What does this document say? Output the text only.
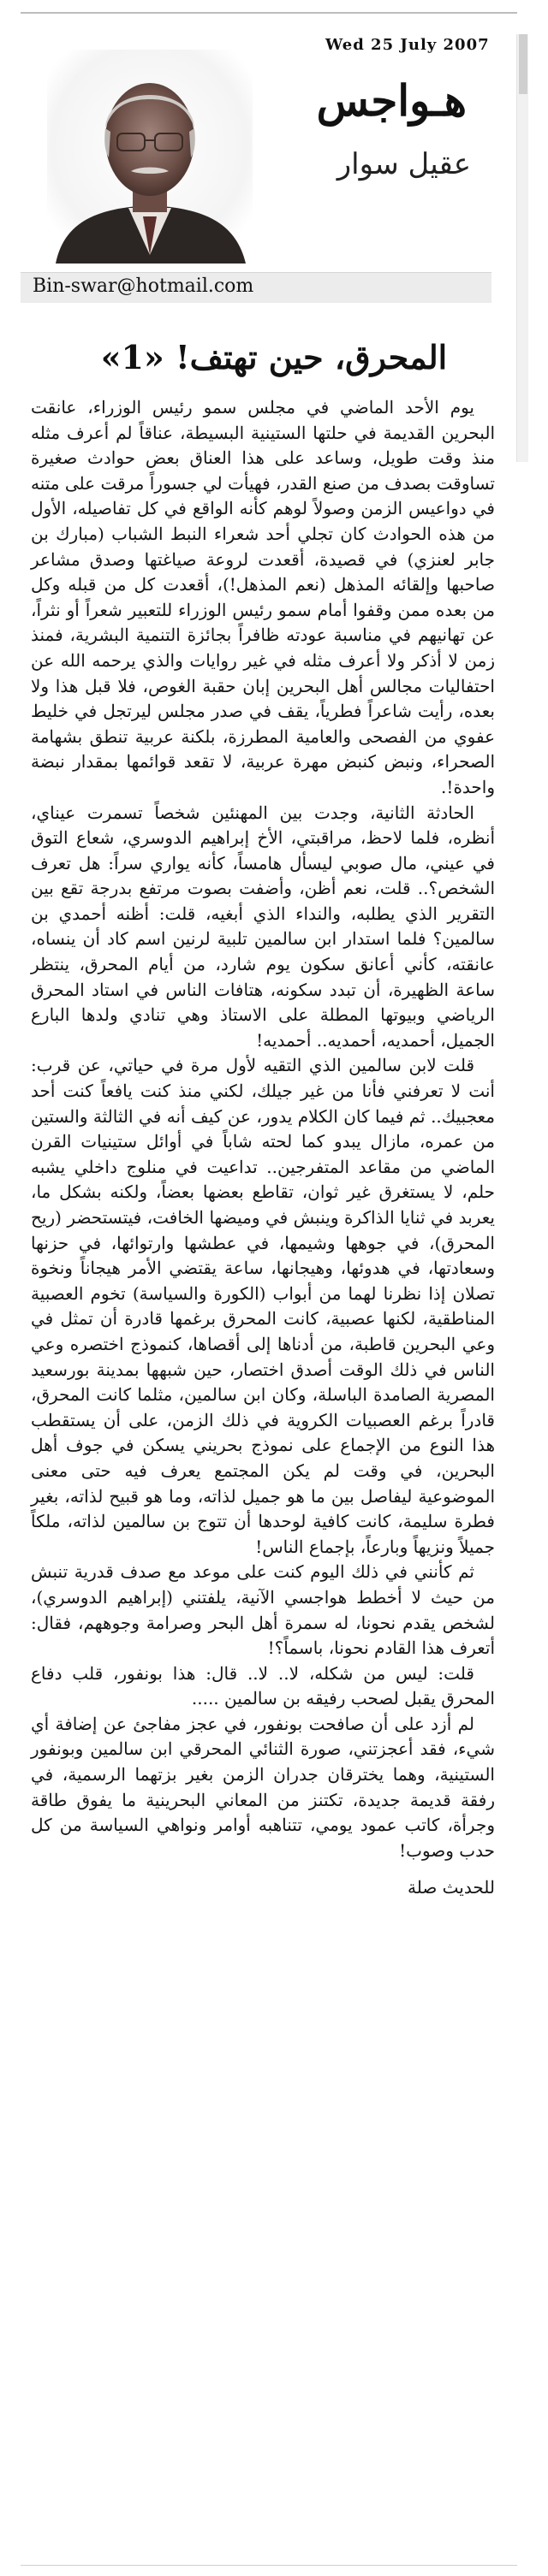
Wed 25 July 2007
هـواجس
عقيل سوار
Bin-swar@hotmail.com
المحرق، حين تهتف! «1»

يوم الأحد الماضي في مجلس سمو رئيس الوزراء، عانقت البحرين القديمة في حلتها الستينية البسيطة، عناقاً لم أعرف مثله منذ وقت طويل، وساعد على هذا العناق بعض حوادث صغيرة تساوقت بصدف من صنع القدر، فهيأت لي جسوراً مرقت على متنه في دواعيس الزمن وصولاً لوهم كأنه الواقع في كل تفاصيله، الأول من هذه الحوادث كان تجلي أحد شعراء النبط الشباب (مبارك بن جابر لعنزي) في قصيدة، أقعدت لروعة صياغتها وصدق مشاعر صاحبها وإلقائه المذهل (نعم المذهل!)، أقعدت كل من قبله وكل من بعده ممن وقفوا أمام سمو رئيس الوزراء للتعبير شعراً أو نثراً، عن تهانيهم في مناسبة عودته ظافراً بجائزة التنمية البشرية، فمنذ زمن لا أذكر ولا أعرف مثله في غير روايات والذي يرحمه الله عن احتفاليات مجالس أهل البحرين إبان حقبة الغوص، فلا قبل هذا ولا بعده، رأيت شاعراً فطرياً، يقف في صدر مجلس ليرتجل في خليط عفوي من الفصحى والعامية المطرزة، بلكنة عربية تنطق بشهامة الصحراء، ونبض كنبض مهرة عربية، لا تقعد قوائمها بمقدار نبضة واحدة!.

الحادثة الثانية، وجدت بين المهنئين شخصاً تسمرت عيناي، أنظره، فلما لاحظ، مراقبتي، الأخ إبراهيم الدوسري، شعاع التوق في عيني، مال صوبي ليسأل هامساً، كأنه يواري سراً: هل تعرف الشخص؟.. قلت، نعم أظن، وأضفت بصوت مرتفع بدرجة تقع بين التقرير الذي يطلبه، والنداء الذي أبغيه، قلت: أظنه أحمدي بن سالمين؟ فلما استدار ابن سالمين تلبية لرنين اسم كاد أن ينساه، عانقته، كأني أعانق سكون يوم شارد، من أيام المحرق، ينتظر ساعة الظهيرة، أن تبدد سكونه، هتافات الناس في استاد المحرق الرياضي وبيوتها المطلة على الاستاذ وهي تنادي ولدها البارع الجميل، أحمديه، أحمديه.. أحمديه!

قلت لابن سالمين الذي التقيه لأول مرة في حياتي، عن قرب: أنت لا تعرفني فأنا من غير جيلك، لكني منذ كنت يافعاً كنت أحد معجبيك.. ثم فيما كان الكلام يدور، عن كيف أنه في الثالثة والستين من عمره، مازال يبدو كما لحته شاباً في أوائل ستينيات القرن الماضي من مقاعد المتفرجين.. تداعيت في منلوج داخلي يشبه حلم، لا يستغرق غير ثوان، تقاطع بعضها بعضاً، ولكنه بشكل ما، يعربد في ثنايا الذاكرة وينبش في وميضها الخافت، فيتستحضر (ريح المحرق)، في جوهها وشيمها، في عطشها وارتوائها، في حزنها وسعادتها، في هدوئها، وهيجانها، ساعة يقتضي الأمر هيجاناً ونخوة تصلان إذا نظرنا لهما من أبواب (الكورة والسياسة) تخوم العصبية المناطقية، لكنها عصبية، كانت المحرق برغمها قادرة أن تمثل في وعي البحرين قاطبة، من أدناها إلى أقصاها، كنموذج اختصره وعي الناس في ذلك الوقت أصدق اختصار، حين شبهها بمدينة بورسعيد المصرية الصامدة الباسلة، وكان ابن سالمين، مثلما كانت المحرق، قادراً برغم العصبيات الكروية في ذلك الزمن، على أن يستقطب هذا النوع من الإجماع على نموذج بحريني يسكن في جوف أهل البحرين، في وقت لم يكن المجتمع يعرف فيه حتى معنى الموضوعية ليفاصل بين ما هو جميل لذاته، وما هو قبيح لذاته، بغير فطرة سليمة، كانت كافية لوحدها أن تتوج بن سالمين لذاته، ملكاً جميلاً ونزيهاً وبارعاً، بإجماع الناس!

ثم كأنني في ذلك اليوم كنت على موعد مع صدف قدرية تنبش من حيث لا أخطط هواجسي الآنية، يلفتني (إبراهيم الدوسري)، لشخص يقدم نحونا، له سمرة أهل البحر وصرامة وجوههم، فقال: أتعرف هذا القادم نحونا، باسماً؟!

قلت: ليس من شكله، لا.. لا.. قال: هذا بونفور، قلب دفاع المحرق يقبل لصحب رفيقه بن سالمين .....

لم أزد على أن صافحت بونفور، في عجز مفاجئ عن إضافة أي شيء، فقد أعجزتني، صورة الثنائي المحرقي ابن سالمين وبونفور الستينية، وهما يخترقان جدران الزمن بغير بزتهما الرسمية، في رفقة قديمة جديدة، تكتنز من المعاني البحرينية ما يفوق طاقة وجرأة، كاتب عمود يومي، تتناهبه أوامر ونواهي السياسة من كل حدب وصوب!

للحديث صلة
